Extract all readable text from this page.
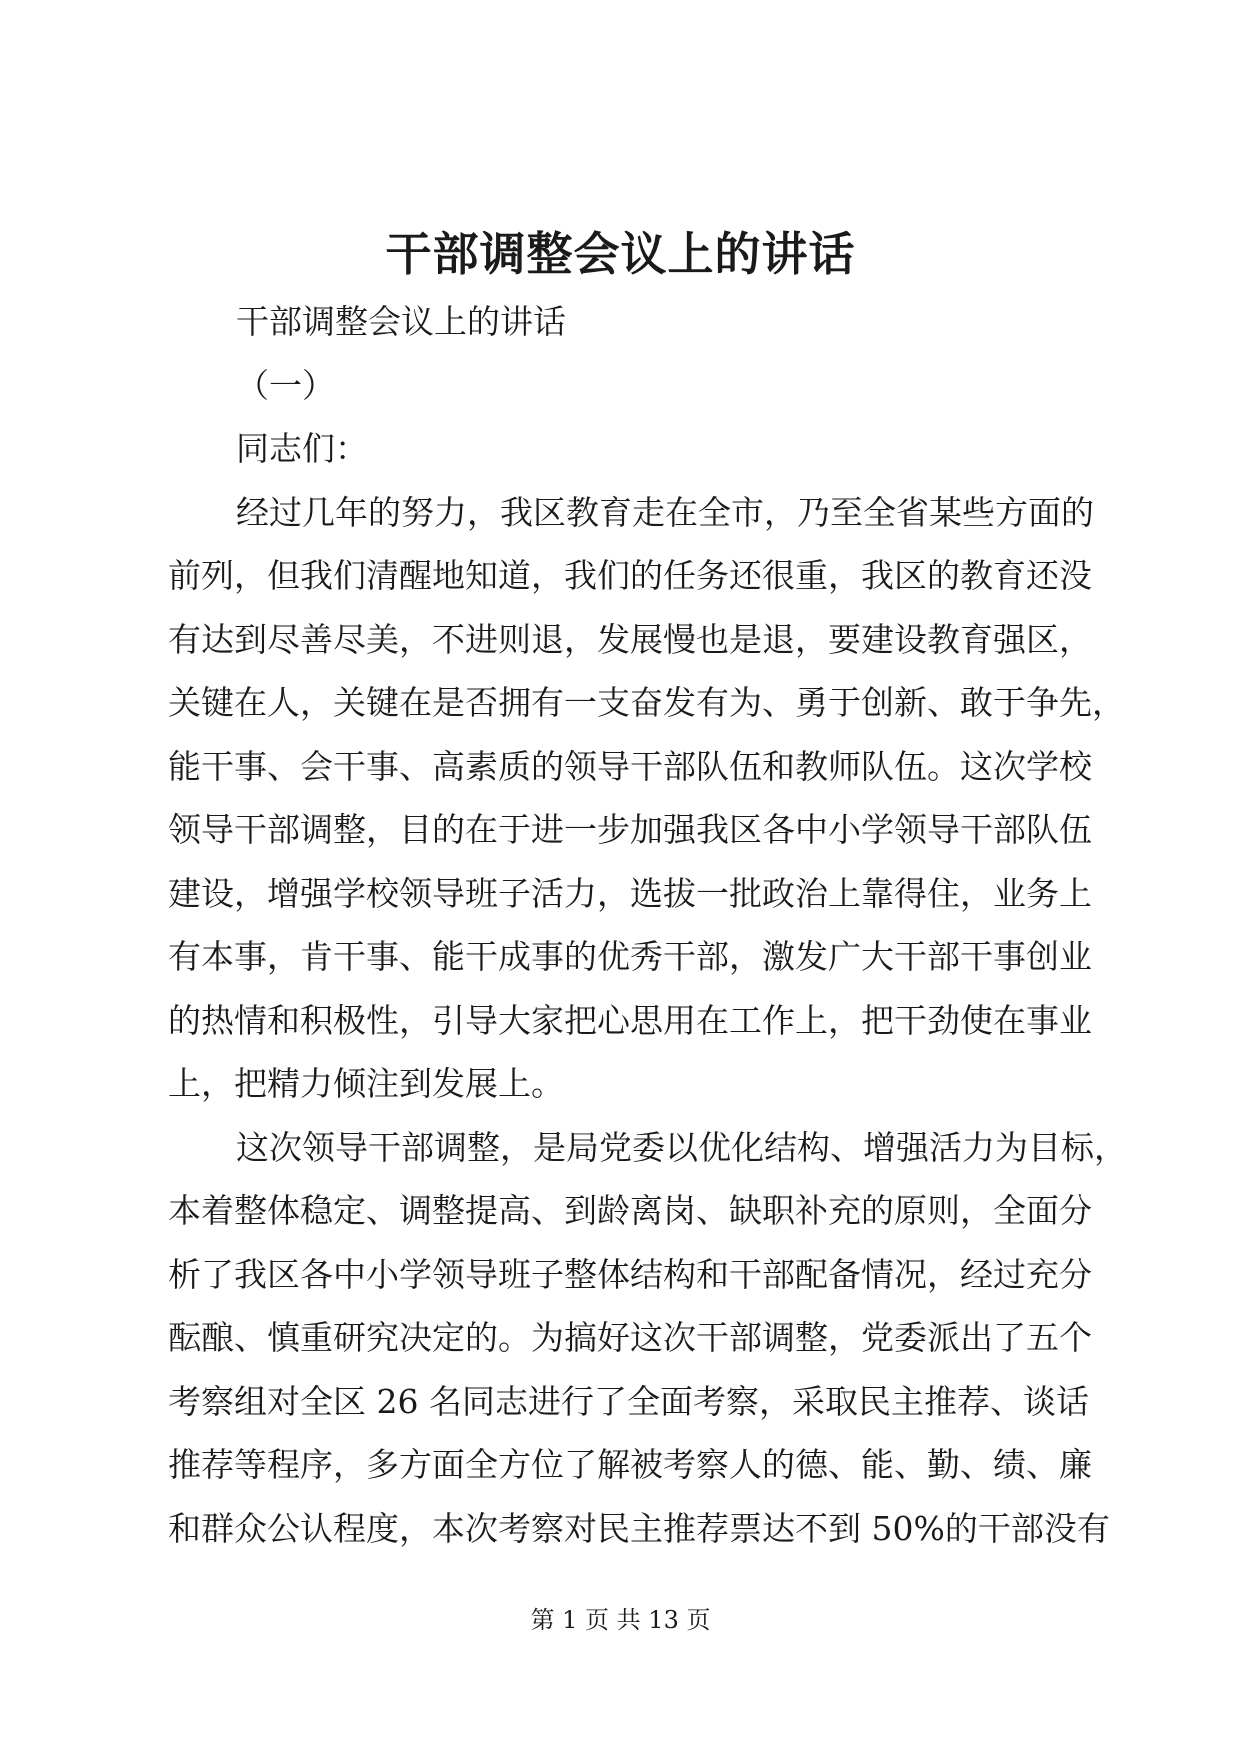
干部调整会议上的讲话
干部调整会议上的讲话
（一）
同志们：
经过几年的努力，我区教育走在全市，乃至全省某些方面的
前列，但我们清醒地知道，我们的任务还很重，我区的教育还没
有达到尽善尽美，不进则退，发展慢也是退，要建设教育强区，
关键在人，关键在是否拥有一支奋发有为、勇于创新、敢于争先，
能干事、会干事、高素质的领导干部队伍和教师队伍。这次学校
领导干部调整，目的在于进一步加强我区各中小学领导干部队伍
建设，增强学校领导班子活力，选拔一批政治上靠得住，业务上
有本事，肯干事、能干成事的优秀干部，激发广大干部干事创业
的热情和积极性，引导大家把心思用在工作上，把干劲使在事业
上，把精力倾注到发展上。
这次领导干部调整，是局党委以优化结构、增强活力为目标，
本着整体稳定、调整提高、到龄离岗、缺职补充的原则，全面分
析了我区各中小学领导班子整体结构和干部配备情况，经过充分
酝酿、慎重研究决定的。为搞好这次干部调整，党委派出了五个
考察组对全区 26 名同志进行了全面考察，采取民主推荐、谈话
推荐等程序，多方面全方位了解被考察人的德、能、勤、绩、廉
和群众公认程度，本次考察对民主推荐票达不到 50%的干部没有
第 1 页 共 13 页
